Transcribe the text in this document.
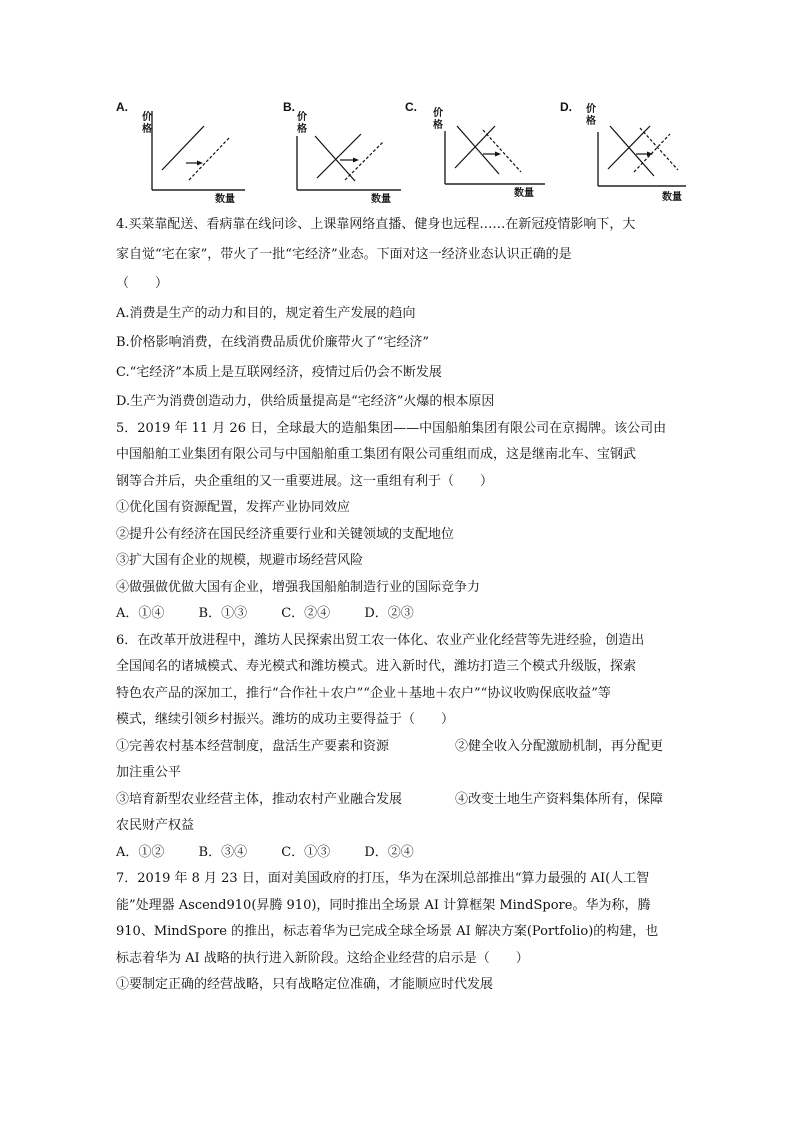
A.
价格
数量
B.
价格
数量
C. 价格
数量
D. 价格
数量
4.买菜靠配送、看病靠在线问诊、上课靠网络直播、健身也远程……在新冠疫情影响下，大
家自觉“宅在家”，带火了一批“宅经济”业态。下面对这一经济业态认识正确的是
（　　）
A.消费是生产的动力和目的，规定着生产发展的趋向
B.价格影响消费，在线消费品质优价廉带火了“宅经济”
C.“宅经济”本质上是互联网经济，疫情过后仍会不断发展
D.生产为消费创造动力，供给质量提高是“宅经济”火爆的根本原因
5．2019 年 11 月 26 日，全球最大的造船集团——中国船舶集团有限公司在京揭牌。该公司由
中国船舶工业集团有限公司与中国船舶重工集团有限公司重组而成，这是继南北车、宝钢武
钢等合并后，央企重组的又一重要进展。这一重组有利于（　　）
①优化国有资源配置，发挥产业协同效应
②提升公有经济在国民经济重要行业和关键领域的支配地位
③扩大国有企业的规模，规避市场经营风险
④做强做优做大国有企业，增强我国船舶制造行业的国际竞争力
A．①④	B．①③	C．②④	D．②③
6．在改革开放进程中，潍坊人民探索出贸工农一体化、农业产业化经营等先进经验，创造出
全国闻名的诸城模式、寿光模式和潍坊模式。进入新时代，潍坊打造三个模式升级版，探索
特色农产品的深加工，推行“合作社＋农户”“企业＋基地＋农户”“协议收购保底收益”等
模式，继续引领乡村振兴。潍坊的成功主要得益于（　　）
①完善农村基本经营制度，盘活生产要素和资源	②健全收入分配激励机制，再分配更
加注重公平
③培育新型农业经营主体，推动农村产业融合发展	④改变土地生产资料集体所有，保障
农民财产权益
A．①②	B．③④	C．①③	D．②④
7．2019 年 8 月 23 日，面对美国政府的打压，华为在深圳总部推出“算力最强的 AI(人工智
能”处理器 Ascend910(昇腾 910)，同时推出全场景 AI 计算框架 MindSpore。华为称，腾
910、MindSpore 的推出，标志着华为已完成全球全场景 AI 解决方案(Portfolio)的构建，也
标志着华为 AI 战略的执行进入新阶段。这给企业经营的启示是（　　）
①要制定正确的经营战略，只有战略定位准确，才能顺应时代发展
